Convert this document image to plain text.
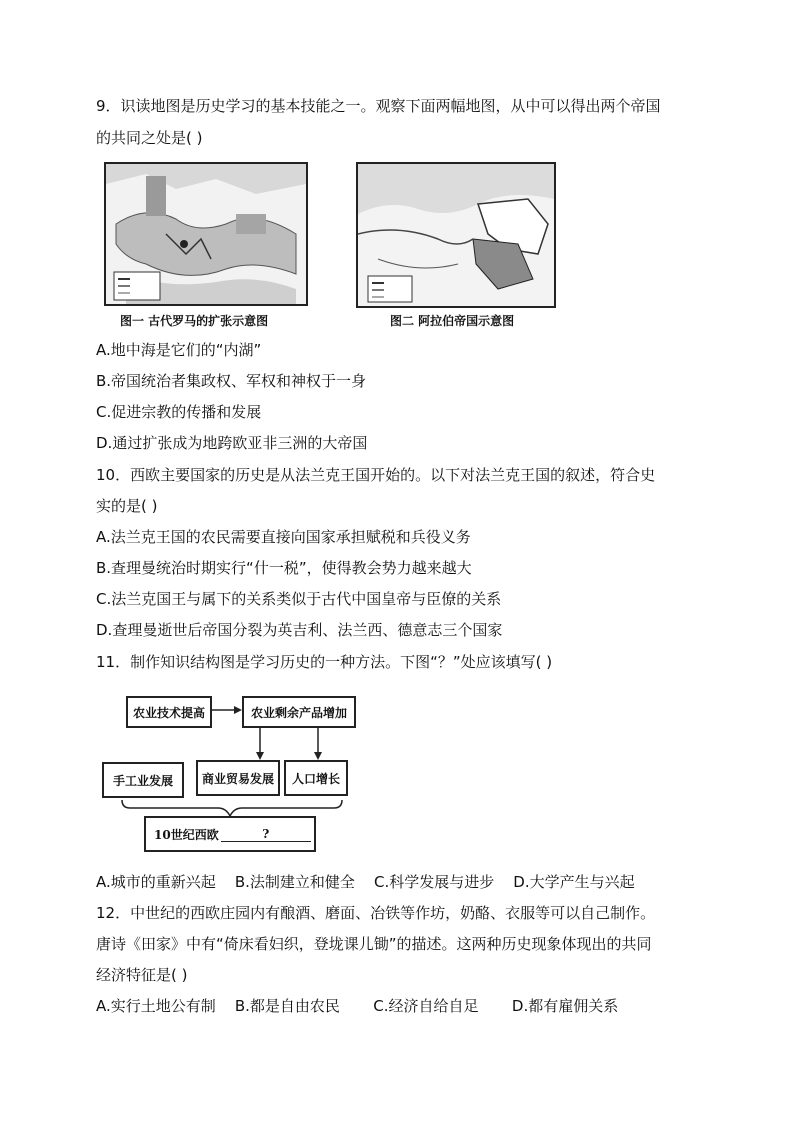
9．识读地图是历史学习的基本技能之一。观察下面两幅地图，从中可以得出两个帝国
的共同之处是( )
图一 古代罗马的扩张示意图	图二 阿拉伯帝国示意图
A.地中海是它们的“内湖”
B.帝国统治者集政权、军权和神权于一身
C.促进宗教的传播和发展
D.通过扩张成为地跨欧亚非三洲的大帝国
10．西欧主要国家的历史是从法兰克王国开始的。以下对法兰克王国的叙述，符合史
实的是( )
A.法兰克王国的农民需要直接向国家承担赋税和兵役义务
B.查理曼统治时期实行“什一税”，使得教会势力越来越大
C.法兰克国王与属下的关系类似于古代中国皇帝与臣僚的关系
D.查理曼逝世后帝国分裂为英吉利、法兰西、德意志三个国家
11．制作知识结构图是学习历史的一种方法。下图“？”处应该填写( )
农业技术提高	农业剩余产品增加
手工业发展	商业贸易发展	人口增长
10世纪西欧	?
A.城市的重新兴起    B.法制建立和健全    C.科学发展与进步    D.大学产生与兴起
12．中世纪的西欧庄园内有酿酒、磨面、冶铁等作坊，奶酪、衣服等可以自己制作。
唐诗《田家》中有“倚床看妇织，登垅课儿锄”的描述。这两种历史现象体现出的共同
经济特征是( )
A.实行土地公有制    B.都是自由农民       C.经济自给自足       D.都有雇佣关系
